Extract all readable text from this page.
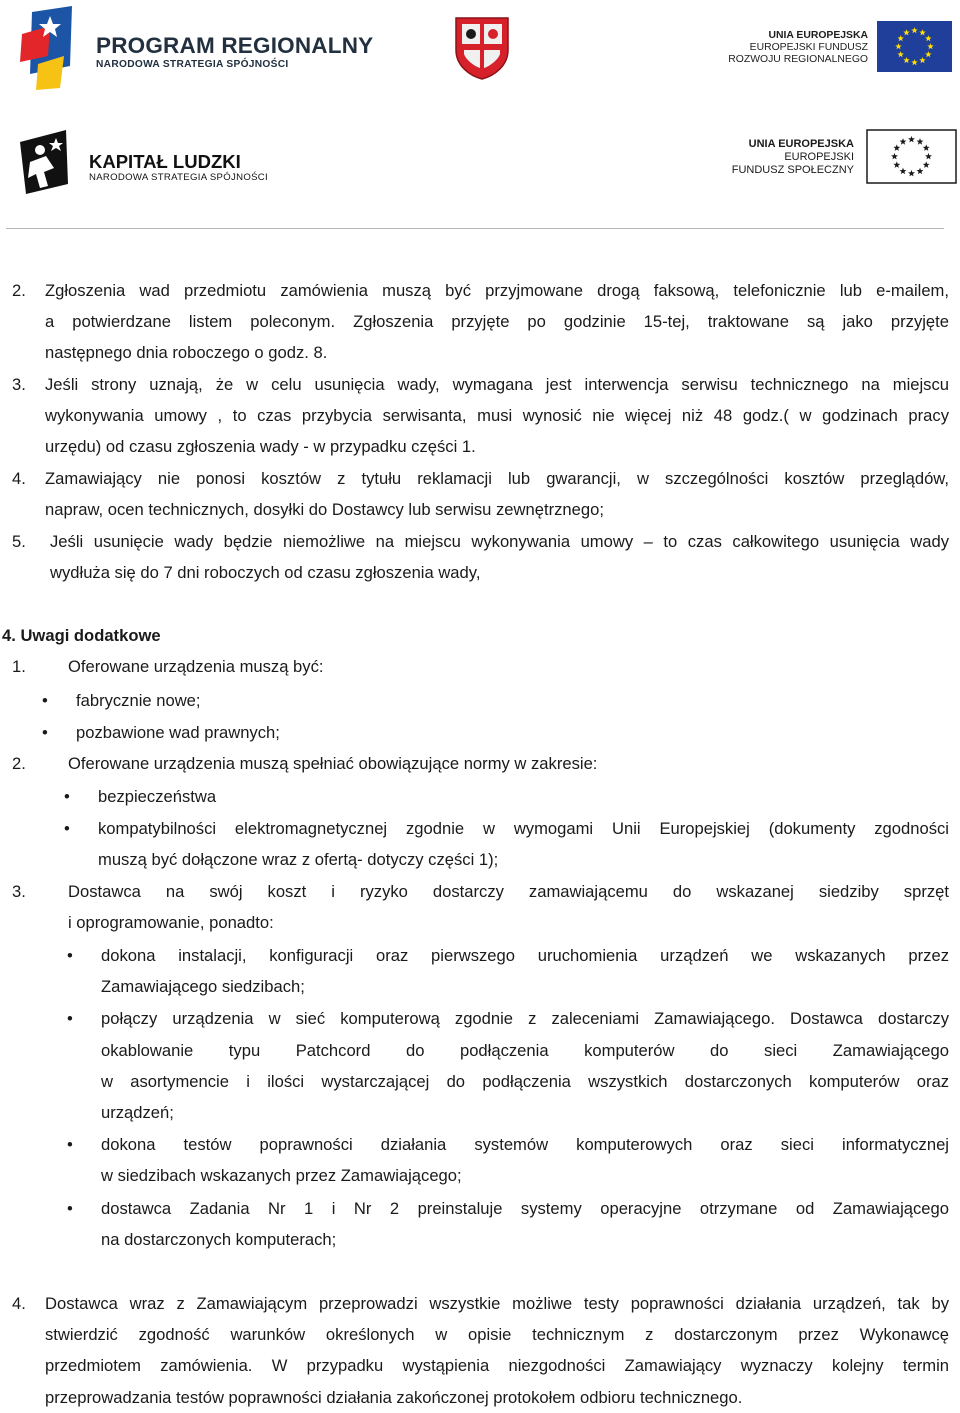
PROGRAM REGIONALNY
NARODOWA STRATEGIA SPÓJNOŚCI
UNIA EUROPEJSKA
EUROPEJSKI FUNDUSZ
ROZWOJU REGIONALNEGO
KAPITAŁ LUDZKI
NARODOWA STRATEGIA SPÓJNOŚCI
UNIA EUROPEJSKA
EUROPEJSKI
FUNDUSZ SPOŁECZNY
2. Zgłoszenia wad przedmiotu zamówienia muszą być przyjmowane drogą faksową, telefonicznie lub e-mailem,
a potwierdzane listem poleconym. Zgłoszenia przyjęte po godzinie 15-tej, traktowane są jako przyjęte
następnego dnia roboczego o godz. 8.
3. Jeśli strony uznają, że w celu usunięcia wady, wymagana jest interwencja serwisu technicznego na miejscu
wykonywania umowy , to czas przybycia serwisanta, musi wynosić nie więcej niż 48 godz.( w godzinach pracy
urzędu) od czasu zgłoszenia wady - w przypadku części 1.
4. Zamawiający nie ponosi kosztów z tytułu reklamacji lub gwarancji, w szczególności kosztów przeglądów,
napraw, ocen technicznych, dosyłki do Dostawcy lub serwisu zewnętrznego;
5. Jeśli usunięcie wady będzie niemożliwe na miejscu wykonywania umowy – to czas całkowitego usunięcia wady
wydłuża się do 7 dni roboczych od czasu zgłoszenia wady,
4. Uwagi dodatkowe
1.	Oferowane urządzenia muszą być:
• fabrycznie nowe;
• pozbawione wad prawnych;
2.	Oferowane urządzenia muszą spełniać obowiązujące normy w zakresie:
• bezpieczeństwa
• kompatybilności elektromagnetycznej zgodnie w wymogami Unii Europejskiej (dokumenty zgodności
muszą być dołączone wraz z ofertą- dotyczy części 1);
3.	Dostawca na swój koszt i ryzyko dostarczy zamawiającemu do wskazanej siedziby sprzęt
i oprogramowanie, ponadto:
• dokona instalacji, konfiguracji oraz pierwszego uruchomienia urządzeń we wskazanych przez
Zamawiającego siedzibach;
• połączy urządzenia w sieć komputerową zgodnie z zaleceniami Zamawiającego. Dostawca dostarczy
okablowanie typu Patchcord do podłączenia komputerów do sieci Zamawiającego
w asortymencie i ilości wystarczającej do podłączenia wszystkich dostarczonych komputerów oraz
urządzeń;
• dokona testów poprawności działania systemów komputerowych oraz sieci informatycznej
w siedzibach wskazanych przez Zamawiającego;
• dostawca Zadania Nr 1 i Nr 2 preinstaluje systemy operacyjne otrzymane od Zamawiającego
na dostarczonych komputerach;
4. Dostawca wraz z Zamawiającym przeprowadzi wszystkie możliwe testy poprawności działania urządzeń, tak by
stwierdzić zgodność warunków określonych w opisie technicznym z dostarczonym przez Wykonawcę
przedmiotem zamówienia. W przypadku wystąpienia niezgodności Zamawiający wyznaczy kolejny termin
przeprowadzania testów poprawności działania zakończonej protokołem odbioru technicznego.
